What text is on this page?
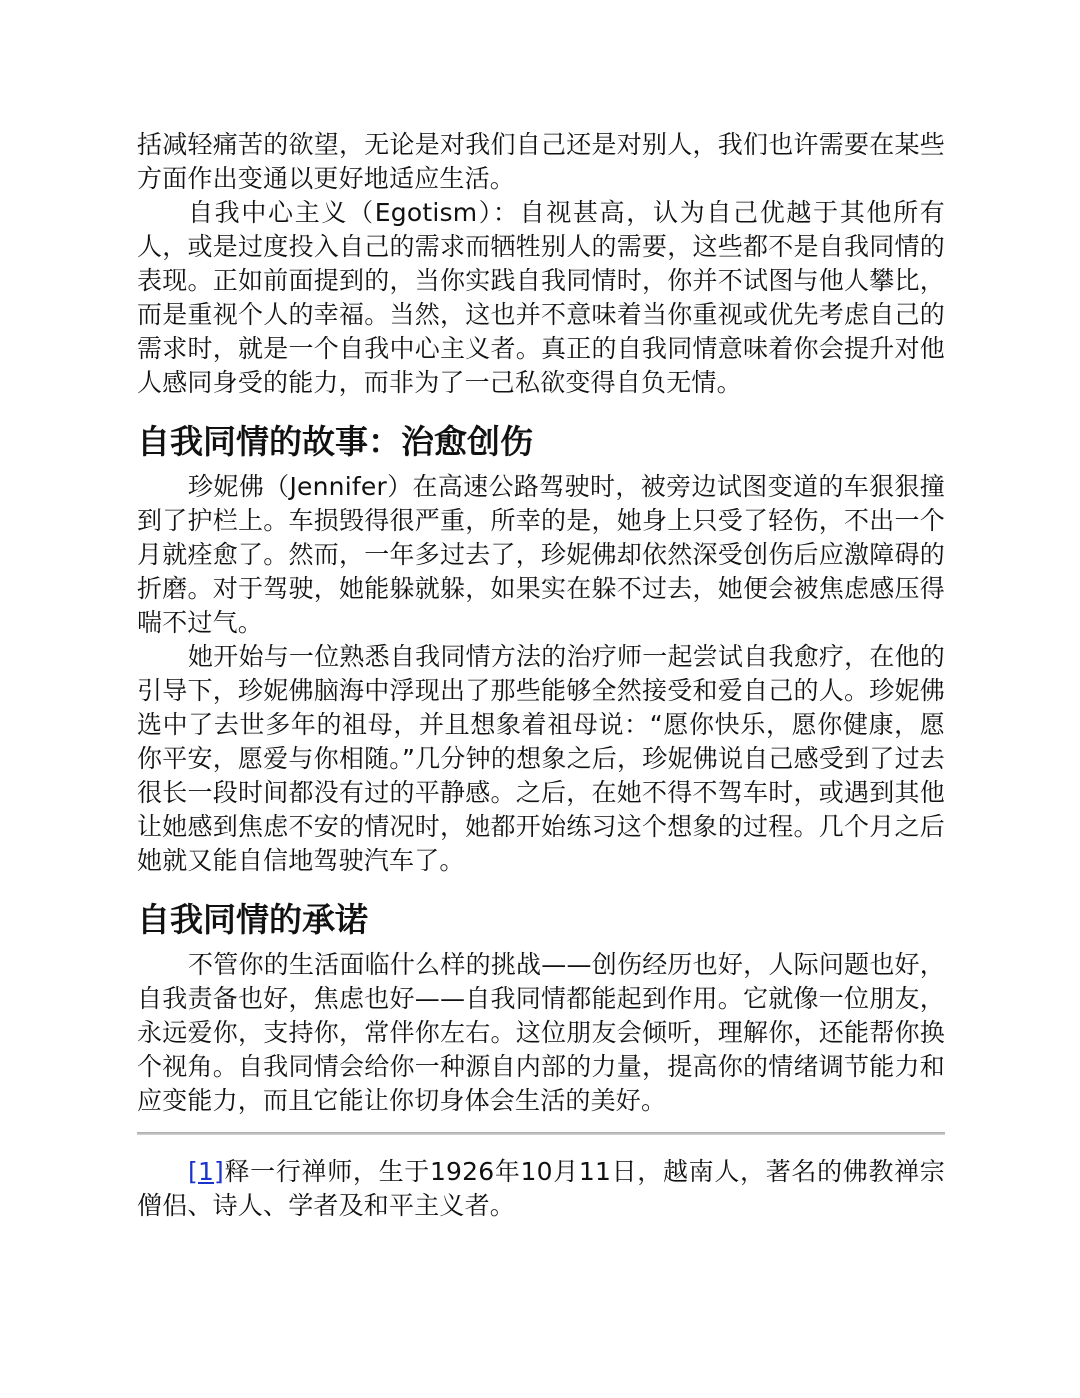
括减轻痛苦的欲望，无论是对我们自己还是对别人，我们也许需要在某些方面作出变通以更好地适应生活。

自我中心主义（Egotism）：自视甚高，认为自己优越于其他所有人，或是过度投入自己的需求而牺牲别人的需要，这些都不是自我同情的表现。正如前面提到的，当你实践自我同情时，你并不试图与他人攀比，而是重视个人的幸福。当然，这也并不意味着当你重视或优先考虑自己的需求时，就是一个自我中心主义者。真正的自我同情意味着你会提升对他人感同身受的能力，而非为了一己私欲变得自负无情。

自我同情的故事：治愈创伤

珍妮佛（Jennifer）在高速公路驾驶时，被旁边试图变道的车狠狠撞到了护栏上。车损毁得很严重，所幸的是，她身上只受了轻伤，不出一个月就痊愈了。然而，一年多过去了，珍妮佛却依然深受创伤后应激障碍的折磨。对于驾驶，她能躲就躲，如果实在躲不过去，她便会被焦虑感压得喘不过气。

她开始与一位熟悉自我同情方法的治疗师一起尝试自我愈疗，在他的引导下，珍妮佛脑海中浮现出了那些能够全然接受和爱自己的人。珍妮佛选中了去世多年的祖母，并且想象着祖母说：“愿你快乐，愿你健康，愿你平安，愿爱与你相随。”几分钟的想象之后，珍妮佛说自己感受到了过去很长一段时间都没有过的平静感。之后，在她不得不驾车时，或遇到其他让她感到焦虑不安的情况时，她都开始练习这个想象的过程。几个月之后她就又能自信地驾驶汽车了。

自我同情的承诺

不管你的生活面临什么样的挑战——创伤经历也好，人际问题也好，自我责备也好，焦虑也好——自我同情都能起到作用。它就像一位朋友，永远爱你，支持你，常伴你左右。这位朋友会倾听，理解你，还能帮你换个视角。自我同情会给你一种源自内部的力量，提高你的情绪调节能力和应变能力，而且它能让你切身体会生活的美好。

[1]释一行禅师，生于1926年10月11日，越南人，著名的佛教禅宗僧侣、诗人、学者及和平主义者。
